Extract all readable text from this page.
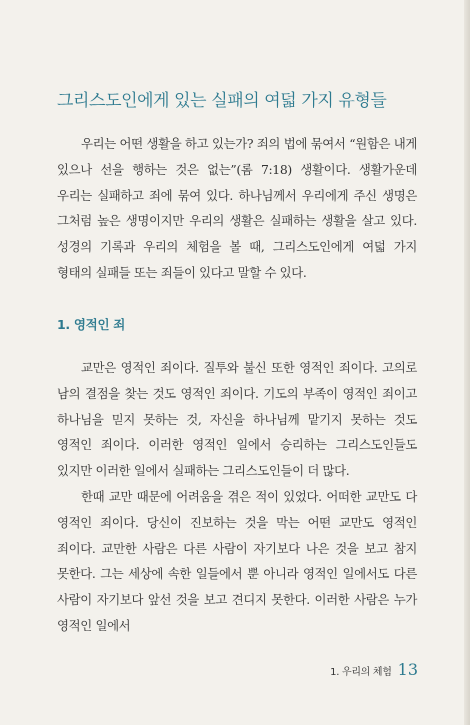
그리스도인에게 있는 실패의 여덟 가지 유형들

우리는 어떤 생활을 하고 있는가? 죄의 법에 묶여서 “원함은 내게 있으나 선을 행하는 것은 없는”(롬 7:18) 생활이다. 생활가운데 우리는 실패하고 죄에 묶여 있다. 하나님께서 우리에게 주신 생명은 그처럼 높은 생명이지만 우리의 생활은 실패하는 생활을 살고 있다. 성경의 기록과 우리의 체험을 볼 때, 그리스도인에게 여덟 가지 형태의 실패들 또는 죄들이 있다고 말할 수 있다.

1. 영적인 죄

교만은 영적인 죄이다. 질투와 불신 또한 영적인 죄이다. 고의로 남의 결점을 찾는 것도 영적인 죄이다. 기도의 부족이 영적인 죄이고 하나님을 믿지 못하는 것, 자신을 하나님께 맡기지 못하는 것도 영적인 죄이다. 이러한 영적인 일에서 승리하는 그리스도인들도 있지만 이러한 일에서 실패하는 그리스도인들이 더 많다.

한때 교만 때문에 어려움을 겪은 적이 있었다. 어떠한 교만도 다 영적인 죄이다. 당신이 진보하는 것을 막는 어떤 교만도 영적인 죄이다. 교만한 사람은 다른 사람이 자기보다 나은 것을 보고 참지 못한다. 그는 세상에 속한 일들에서 뿐 아니라 영적인 일에서도 다른 사람이 자기보다 앞선 것을 보고 견디지 못한다. 이러한 사람은 누가 영적인 일에서

1. 우리의 체험 13
